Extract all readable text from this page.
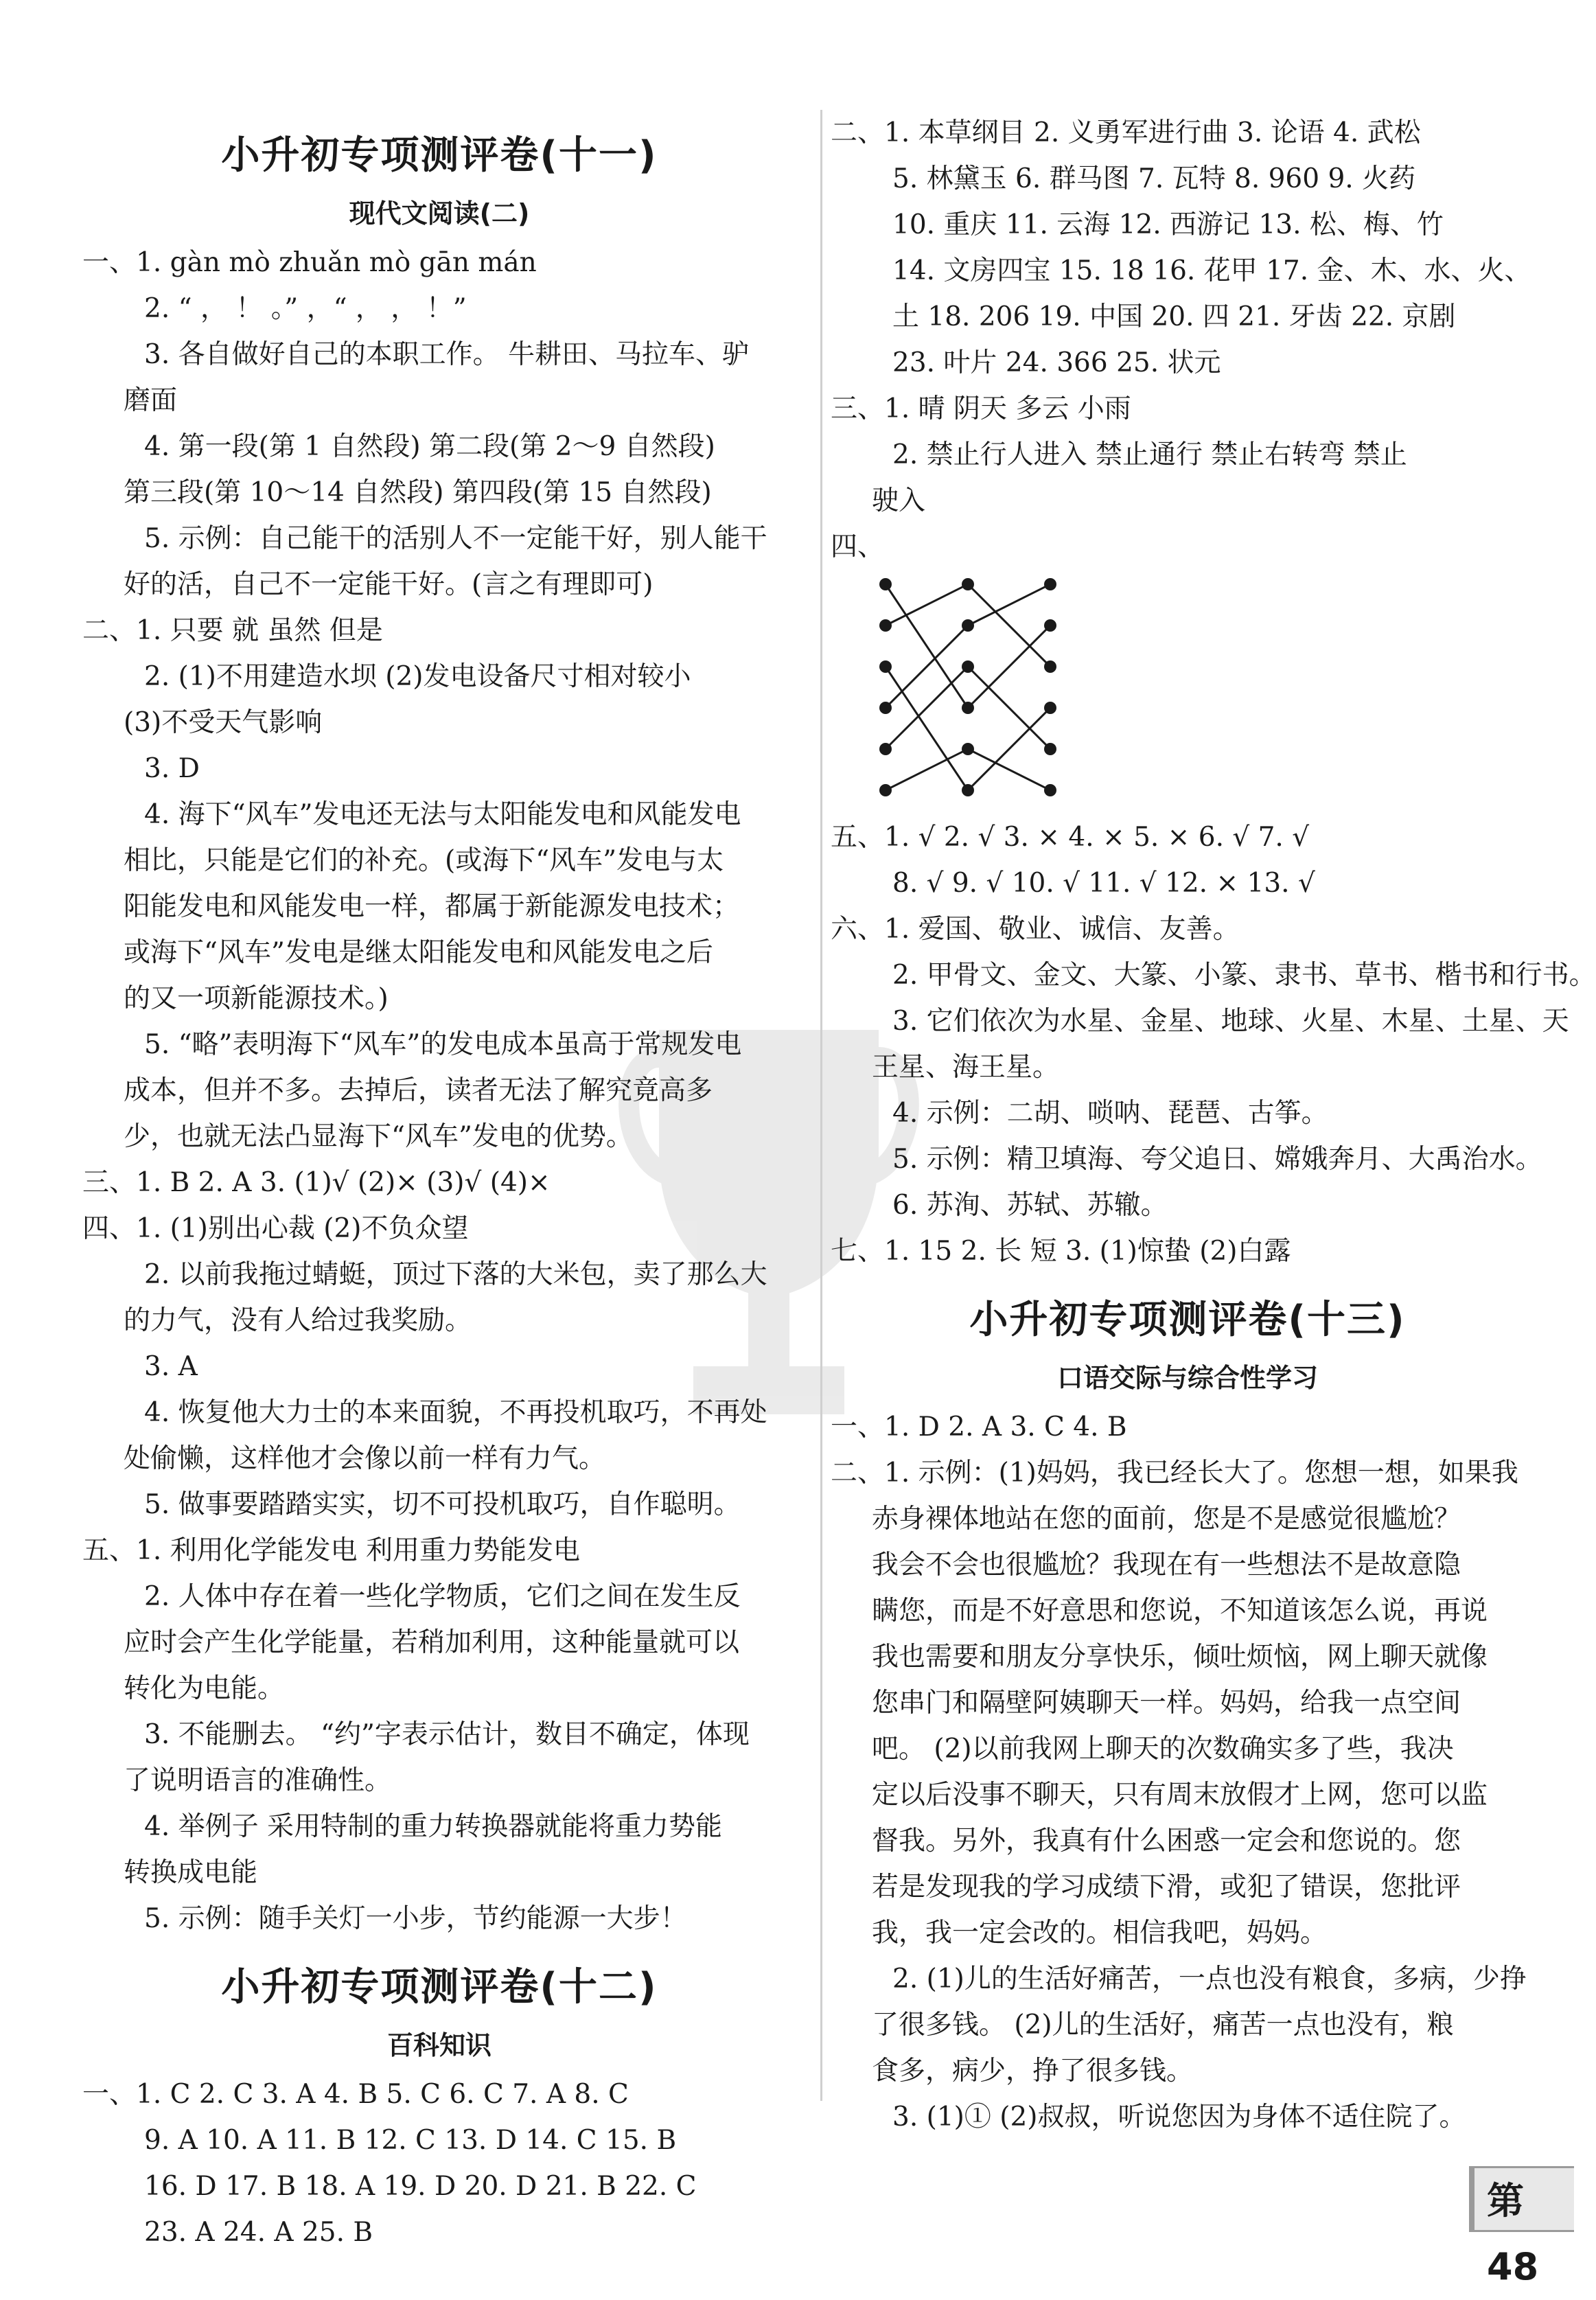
小升初专项测评卷(十一)
现代文阅读(二)
一、1. gàn mò zhuǎn mò gān mán
2. “ ， ！ 。” ，“ ， ， ！”
3. 各自做好自己的本职工作。 牛耕田、马拉车、驴
磨面
4. 第一段(第 1 自然段) 第二段(第 2～9 自然段)
第三段(第 10～14 自然段) 第四段(第 15 自然段)
5. 示例：自己能干的活别人不一定能干好，别人能干
好的活，自己不一定能干好。(言之有理即可)
二、1. 只要 就 虽然 但是
2. (1)不用建造水坝 (2)发电设备尺寸相对较小
(3)不受天气影响
3. D
4. 海下“风车”发电还无法与太阳能发电和风能发电
相比，只能是它们的补充。(或海下“风车”发电与太
阳能发电和风能发电一样，都属于新能源发电技术；
或海下“风车”发电是继太阳能发电和风能发电之后
的又一项新能源技术。)
5. “略”表明海下“风车”的发电成本虽高于常规发电
成本，但并不多。去掉后，读者无法了解究竟高多
少，也就无法凸显海下“风车”发电的优势。
三、1. B 2. A 3. (1)√ (2)× (3)√ (4)×
四、1. (1)别出心裁 (2)不负众望
2. 以前我拖过蜻蜓，顶过下落的大米包，卖了那么大
的力气，没有人给过我奖励。
3. A
4. 恢复他大力士的本来面貌，不再投机取巧，不再处
处偷懒，这样他才会像以前一样有力气。
5. 做事要踏踏实实，切不可投机取巧，自作聪明。
五、1. 利用化学能发电 利用重力势能发电
2. 人体中存在着一些化学物质，它们之间在发生反
应时会产生化学能量，若稍加利用，这种能量就可以
转化为电能。
3. 不能删去。 “约”字表示估计，数目不确定，体现
了说明语言的准确性。
4. 举例子 采用特制的重力转换器就能将重力势能
转换成电能
5. 示例：随手关灯一小步，节约能源一大步！
小升初专项测评卷(十二)
百科知识
一、1. C 2. C 3. A 4. B 5. C 6. C 7. A 8. C
9. A 10. A 11. B 12. C 13. D 14. C 15. B
16. D 17. B 18. A 19. D 20. D 21. B 22. C
23. A 24. A 25. B
二、1. 本草纲目 2. 义勇军进行曲 3. 论语 4. 武松
5. 林黛玉 6. 群马图 7. 瓦特 8. 960 9. 火药
10. 重庆 11. 云海 12. 西游记 13. 松、梅、竹
14. 文房四宝 15. 18 16. 花甲 17. 金、木、水、火、
土 18. 206 19. 中国 20. 四 21. 牙齿 22. 京剧
23. 叶片 24. 366 25. 状元
三、1. 晴 阴天 多云 小雨
2. 禁止行人进入 禁止通行 禁止右转弯 禁止
驶入
四、
五、1. √ 2. √ 3. × 4. × 5. × 6. √ 7. √
8. √ 9. √ 10. √ 11. √ 12. × 13. √
六、1. 爱国、敬业、诚信、友善。
2. 甲骨文、金文、大篆、小篆、隶书、草书、楷书和行书。
3. 它们依次为水星、金星、地球、火星、木星、土星、天
王星、海王星。
4. 示例：二胡、唢呐、琵琶、古筝。
5. 示例：精卫填海、夸父追日、嫦娥奔月、大禹治水。
6. 苏洵、苏轼、苏辙。
七、1. 15 2. 长 短 3. (1)惊蛰 (2)白露
小升初专项测评卷(十三)
口语交际与综合性学习
一、1. D 2. A 3. C 4. B
二、1. 示例：(1)妈妈，我已经长大了。您想一想，如果我
赤身裸体地站在您的面前，您是不是感觉很尴尬？
我会不会也很尴尬？我现在有一些想法不是故意隐
瞒您，而是不好意思和您说，不知道该怎么说，再说
我也需要和朋友分享快乐，倾吐烦恼，网上聊天就像
您串门和隔壁阿姨聊天一样。妈妈，给我一点空间
吧。 (2)以前我网上聊天的次数确实多了些，我决
定以后没事不聊天，只有周末放假才上网，您可以监
督我。另外，我真有什么困惑一定会和您说的。您
若是发现我的学习成绩下滑，或犯了错误，您批评
我，我一定会改的。相信我吧，妈妈。
2. (1)儿的生活好痛苦，一点也没有粮食，多病，少挣
了很多钱。 (2)儿的生活好，痛苦一点也没有，粮
食多，病少，挣了很多钱。
3. (1)① (2)叔叔，听说您因为身体不适住院了。
第48
